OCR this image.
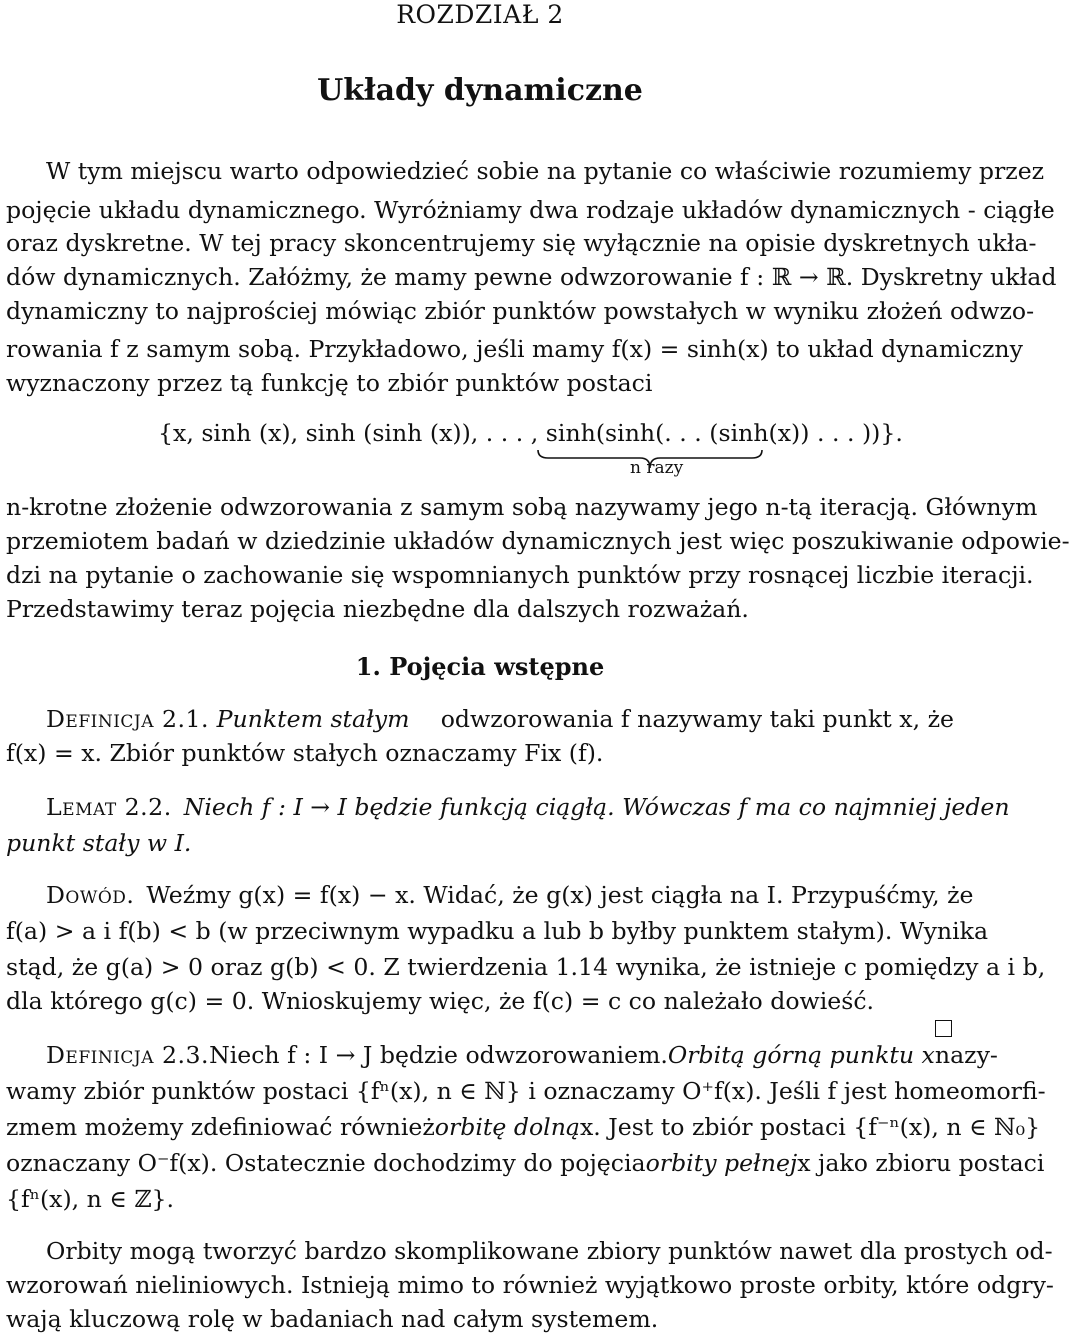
ROZDZIAŁ 2
Układy dynamiczne
W tym miejscu warto odpowiedzieć sobie na pytanie co właściwie rozumiemy przez
pojęcie układu dynamicznego. Wyróżniamy dwa rodzaje układów dynamicznych - ciągłe
oraz dyskretne. W tej pracy skoncentrujemy się wyłącznie na opisie dyskretnych ukła-
dów dynamicznych. Załóżmy, że mamy pewne odwzorowanie f : ℝ → ℝ. Dyskretny układ
dynamiczny to najprościej mówiąc zbiór punktów powstałych w wyniku złożeń odwzo-
rowania f z samym sobą. Przykładowo, jeśli mamy f(x) = sinh(x) to układ dynamiczny
wyznaczony przez tą funkcję to zbiór punktów postaci
{x, sinh (x), sinh (sinh (x)), . . . , sinh(sinh(. . . (sinh(x)) . . . ))}.
n razy
n-krotne złożenie odwzorowania z samym sobą nazywamy jego n-tą iteracją. Głównym
przemiotem badań w dziedzinie układów dynamicznych jest więc poszukiwanie odpowie-
dzi na pytanie o zachowanie się wspomnianych punktów przy rosnącej liczbie iteracji.
Przedstawimy teraz pojęcia niezbędne dla dalszych rozważań.
1. Pojęcia wstępne
Definicja 2.1. Punktem stałym odwzorowania f nazywamy taki punkt x, że
f(x) = x. Zbiór punktów stałych oznaczamy Fix (f).
Lemat 2.2. Niech f : I → I będzie funkcją ciągłą. Wówczas f ma co najmniej jeden
punkt stały w I.
Dowód. Weźmy g(x) = f(x) − x. Widać, że g(x) jest ciągła na I. Przypuśćmy, że
f(a) > a i f(b) < b (w przeciwnym wypadku a lub b byłby punktem stałym). Wynika
stąd, że g(a) > 0 oraz g(b) < 0. Z twierdzenia 1.14 wynika, że istnieje c pomiędzy a i b,
dla którego g(c) = 0. Wnioskujemy więc, że f(c) = c co należało dowieść.
Definicja 2.3. Niech f : I → J będzie odwzorowaniem. Orbitą górną punktu x nazy-
wamy zbiór punktów postaci {fⁿ(x), n ∈ ℕ} i oznaczamy O⁺f(x). Jeśli f jest homeomorfi-
zmem możemy zdefiniować również orbitę dolną x. Jest to zbiór postaci {f⁻ⁿ(x), n ∈ ℕ₀}
oznaczany O⁻f(x). Ostatecznie dochodzimy do pojęcia orbity pełnej x jako zbioru postaci
{fⁿ(x), n ∈ ℤ}.
Orbity mogą tworzyć bardzo skomplikowane zbiory punktów nawet dla prostych od-
wzorowań nieliniowych. Istnieją mimo to również wyjątkowo proste orbity, które odgry-
wają kluczową rolę w badaniach nad całym systemem.
